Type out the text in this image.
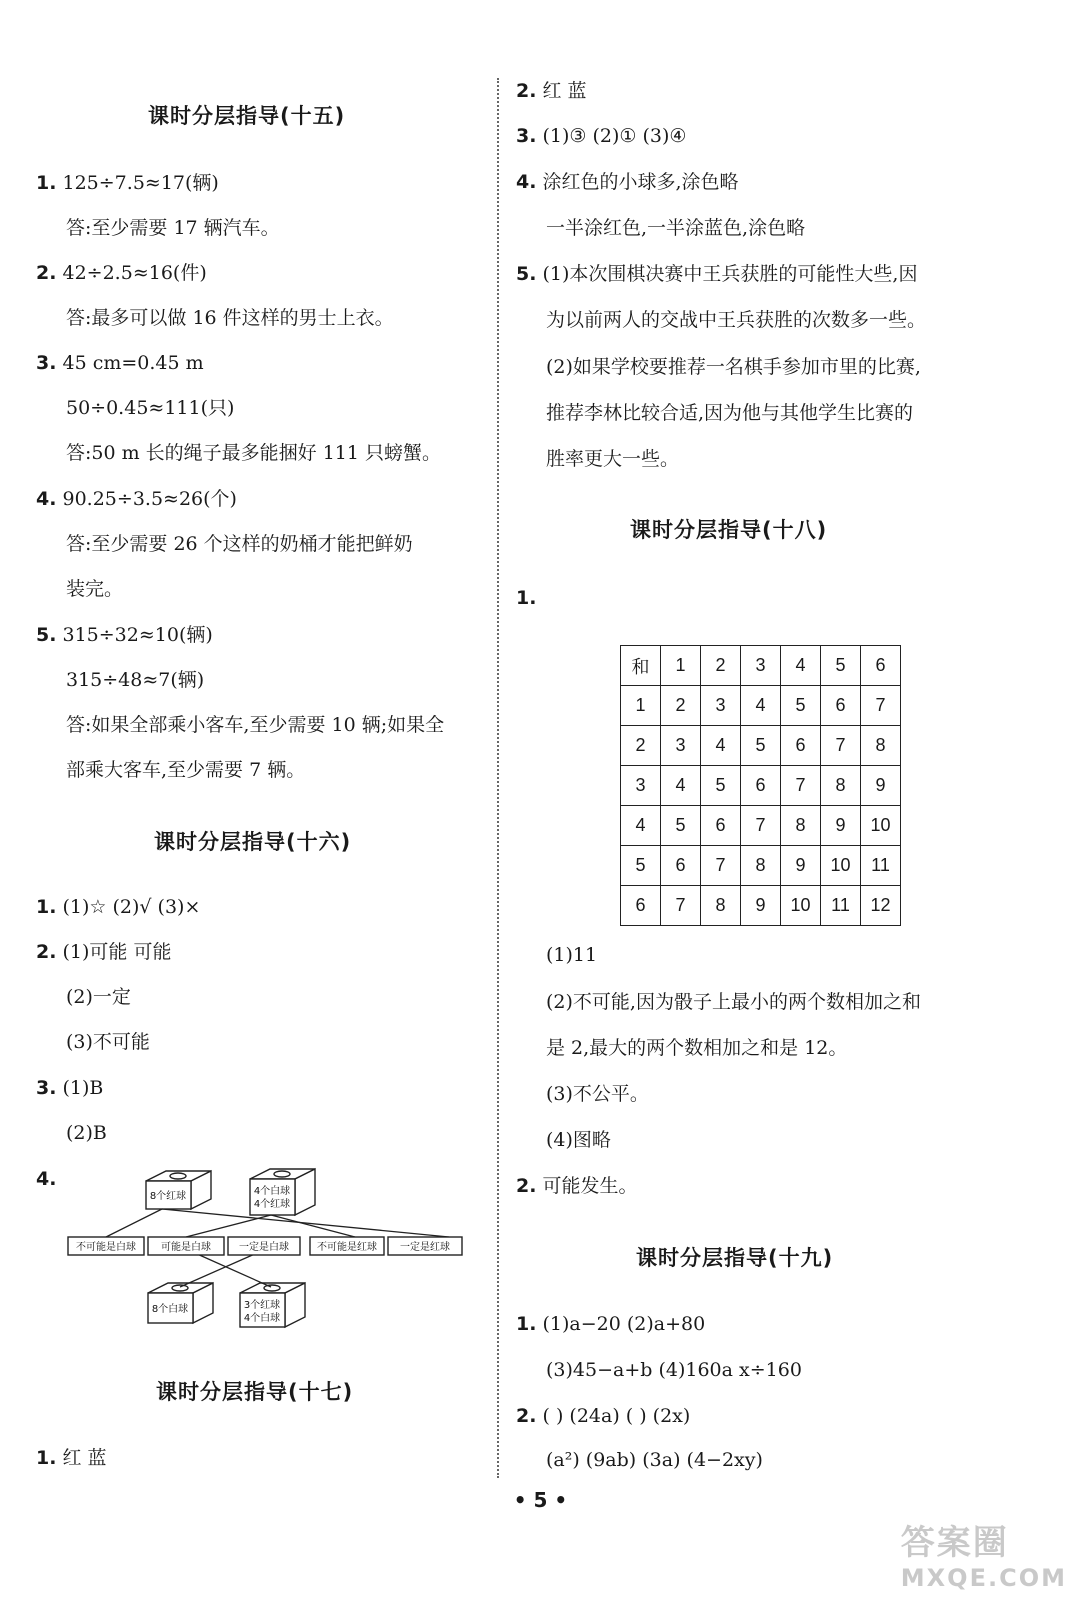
课时分层指导(十五)
1. 125÷7.5≈17(辆)
答:至少需要 17 辆汽车。
2. 42÷2.5≈16(件)
答:最多可以做 16 件这样的男士上衣。
3. 45 cm=0.45 m
50÷0.45≈111(只)
答:50 m 长的绳子最多能捆好 111 只螃蟹。
4. 90.25÷3.5≈26(个)
答:至少需要 26 个这样的奶桶才能把鲜奶
装完。
5. 315÷32≈10(辆)
315÷48≈7(辆)
答:如果全部乘小客车,至少需要 10 辆;如果全
部乘大客车,至少需要 7 辆。
课时分层指导(十六)
1. (1)☆ (2)√ (3)×
2. (1)可能 可能
(2)一定
(3)不可能
3. (1)B
(2)B
4.
8个红球	4个白球
4个红球
8个白球	3个红球
4个白球
不可能是白球	可能是白球	一定是白球	不可能是红球 一定是红球
课时分层指导(十七)
1. 红 蓝
2. 红 蓝
3. (1)③ (2)① (3)④
4. 涂红色的小球多,涂色略
一半涂红色,一半涂蓝色,涂色略
5. (1)本次围棋决赛中王兵获胜的可能性大些,因
为以前两人的交战中王兵获胜的次数多一些。
(2)如果学校要推荐一名棋手参加市里的比赛,
推荐李林比较合适,因为他与其他学生比赛的
胜率更大一些。
课时分层指导(十八)
1.
(1)11
(2)不可能,因为骰子上最小的两个数相加之和
是 2,最大的两个数相加之和是 12。
(3)不公平。
(4)图略
2. 可能发生。
课时分层指导(十九)
1. (1)a−20 (2)a+80
(3)45−a+b (4)160a x÷160
2. ( ) (24a) ( ) (2x)
(a²) (9ab) (3a) (4−2xy)
和	1	2	3	4	5	6
1	2	3	4	5	6	7
2	3	4	5	6	7	8
3	4	5	6	7	8	9
4	5	6	7	8	9	10
5	6	7	8	9	10	11
6	7	8	9	10	11	12
• 5 •
答案圈
MXQE.COM
